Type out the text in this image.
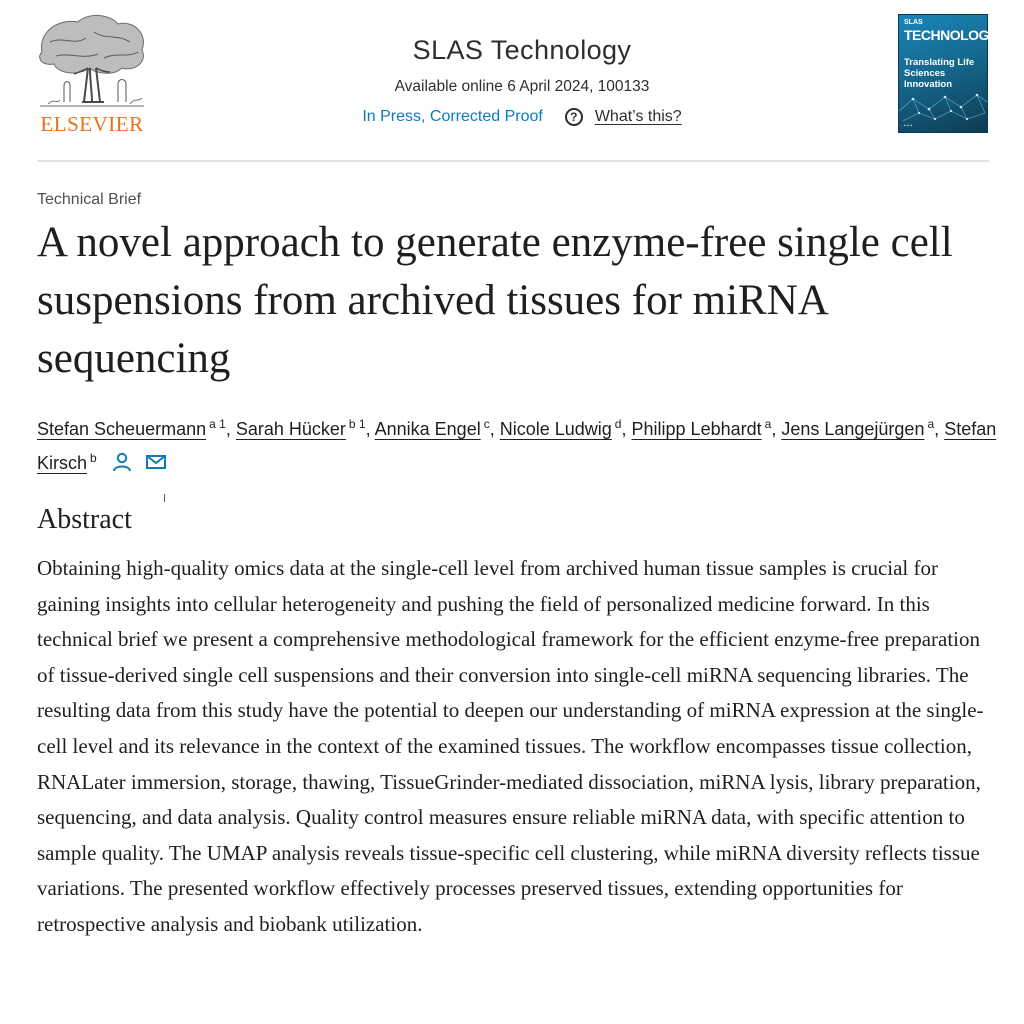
ELSEVIER
SLAS Technology
Available online 6 April 2024, 100133
In Press, Corrected Proof	?	What’s this?
SLAS
TECHNOLOGY
Translating Life Sciences Innovation
▪ ▪ ▪
Technical Brief
A novel approach to generate enzyme-free single cell suspensions from archived tissues for miRNA sequencing
Stefan Scheuermann $^{a 1}$, Sarah Hücker $^{b 1}$, Annika Engel $^c$, Nicole Ludwig $^d$, Philipp Lebhardt $^a$, Jens Langejürgen $^a$, Stefan Kirsch $^b$
Abstract

Obtaining high-quality omics data at the single-cell level from archived human tissue samples is crucial for gaining insights into cellular heterogeneity and pushing the field of personalized medicine forward. In this technical brief we present a comprehensive methodological framework for the efficient enzyme-free preparation of tissue-derived single cell suspensions and their conversion into single-cell miRNA sequencing libraries. The resulting data from this study have the potential to deepen our understanding of miRNA expression at the single-cell level and its relevance in the context of the examined tissues. The workflow encompasses tissue collection, RNALater immersion, storage, thawing, TissueGrinder-mediated dissociation, miRNA lysis, library preparation, sequencing, and data analysis. Quality control measures ensure reliable miRNA data, with specific attention to sample quality. The UMAP analysis reveals tissue-specific cell clustering, while miRNA diversity reflects tissue variations. The presented workflow effectively processes preserved tissues, extending opportunities for retrospective analysis and biobank utilization.
